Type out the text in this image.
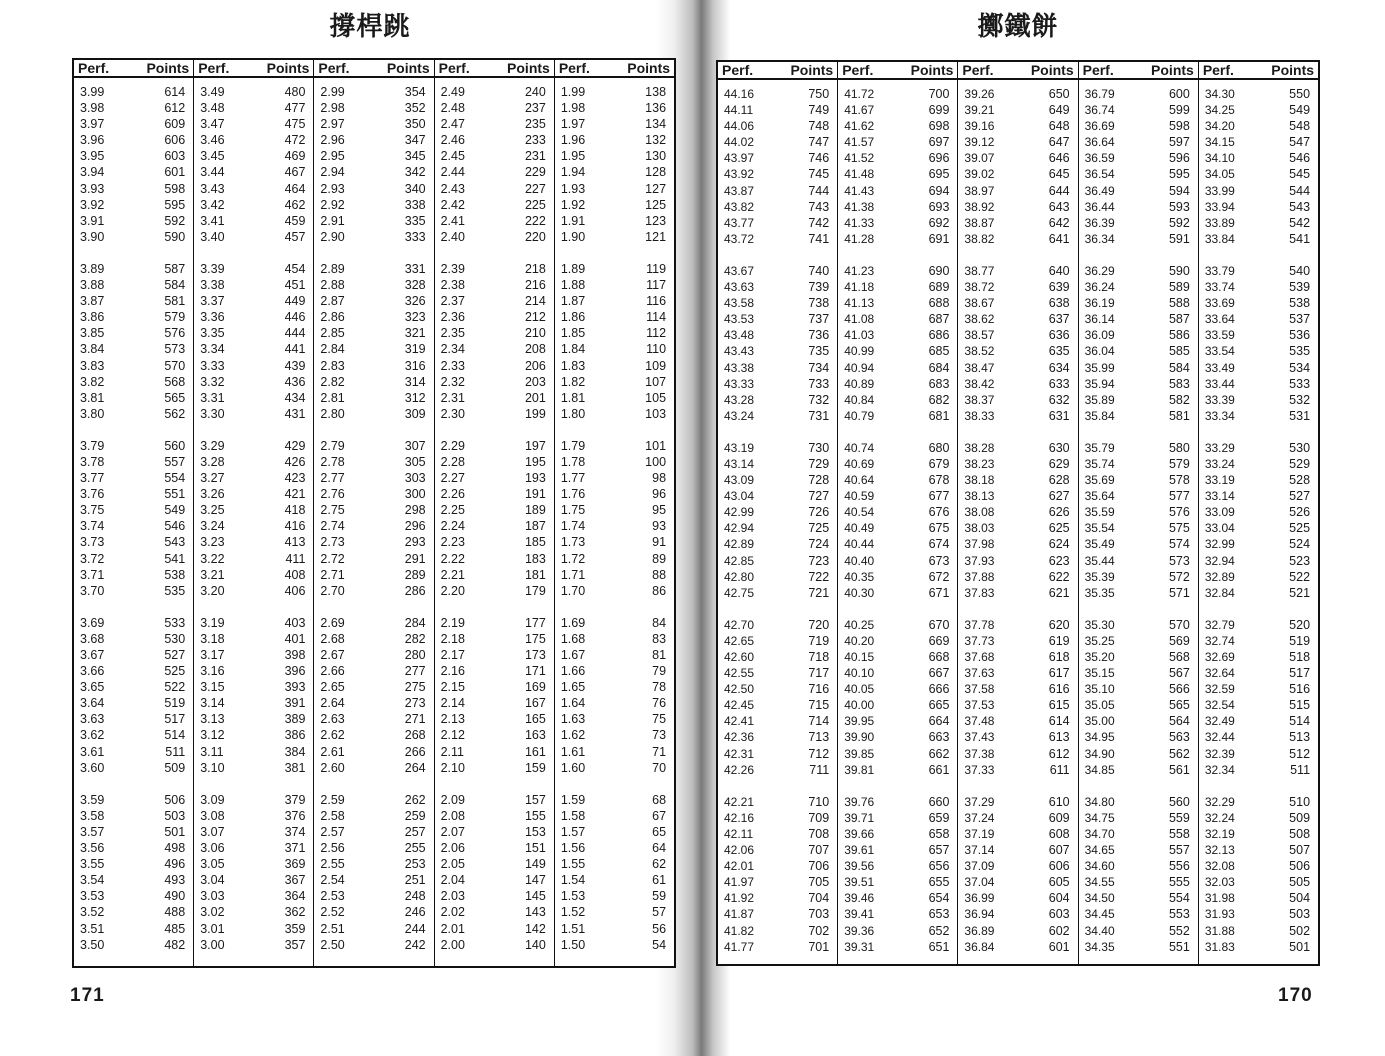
撐桿跳
Perf.	Points
3.99	614
3.98	612
3.97	609
3.96	606
3.95	603
3.94	601
3.93	598
3.92	595
3.91	592
3.90	590
3.89	587
3.88	584
3.87	581
3.86	579
3.85	576
3.84	573
3.83	570
3.82	568
3.81	565
3.80	562
3.79	560
3.78	557
3.77	554
3.76	551
3.75	549
3.74	546
3.73	543
3.72	541
3.71	538
3.70	535
3.69	533
3.68	530
3.67	527
3.66	525
3.65	522
3.64	519
3.63	517
3.62	514
3.61	511
3.60	509
3.59	506
3.58	503
3.57	501
3.56	498
3.55	496
3.54	493
3.53	490
3.52	488
3.51	485
3.50	482
Perf.	Points
3.49	480
3.48	477
3.47	475
3.46	472
3.45	469
3.44	467
3.43	464
3.42	462
3.41	459
3.40	457
3.39	454
3.38	451
3.37	449
3.36	446
3.35	444
3.34	441
3.33	439
3.32	436
3.31	434
3.30	431
3.29	429
3.28	426
3.27	423
3.26	421
3.25	418
3.24	416
3.23	413
3.22	411
3.21	408
3.20	406
3.19	403
3.18	401
3.17	398
3.16	396
3.15	393
3.14	391
3.13	389
3.12	386
3.11	384
3.10	381
3.09	379
3.08	376
3.07	374
3.06	371
3.05	369
3.04	367
3.03	364
3.02	362
3.01	359
3.00	357
Perf.	Points
2.99	354
2.98	352
2.97	350
2.96	347
2.95	345
2.94	342
2.93	340
2.92	338
2.91	335
2.90	333
2.89	331
2.88	328
2.87	326
2.86	323
2.85	321
2.84	319
2.83	316
2.82	314
2.81	312
2.80	309
2.79	307
2.78	305
2.77	303
2.76	300
2.75	298
2.74	296
2.73	293
2.72	291
2.71	289
2.70	286
2.69	284
2.68	282
2.67	280
2.66	277
2.65	275
2.64	273
2.63	271
2.62	268
2.61	266
2.60	264
2.59	262
2.58	259
2.57	257
2.56	255
2.55	253
2.54	251
2.53	248
2.52	246
2.51	244
2.50	242
Perf.	Points
2.49	240
2.48	237
2.47	235
2.46	233
2.45	231
2.44	229
2.43	227
2.42	225
2.41	222
2.40	220
2.39	218
2.38	216
2.37	214
2.36	212
2.35	210
2.34	208
2.33	206
2.32	203
2.31	201
2.30	199
2.29	197
2.28	195
2.27	193
2.26	191
2.25	189
2.24	187
2.23	185
2.22	183
2.21	181
2.20	179
2.19	177
2.18	175
2.17	173
2.16	171
2.15	169
2.14	167
2.13	165
2.12	163
2.11	161
2.10	159
2.09	157
2.08	155
2.07	153
2.06	151
2.05	149
2.04	147
2.03	145
2.02	143
2.01	142
2.00	140
Perf.	Points
1.99	138
1.98	136
1.97	134
1.96	132
1.95	130
1.94	128
1.93	127
1.92	125
1.91	123
1.90	121
1.89	119
1.88	117
1.87	116
1.86	114
1.85	112
1.84	110
1.83	109
1.82	107
1.81	105
1.80	103
1.79	101
1.78	100
1.77	98
1.76	96
1.75	95
1.74	93
1.73	91
1.72	89
1.71	88
1.70	86
1.69	84
1.68	83
1.67	81
1.66	79
1.65	78
1.64	76
1.63	75
1.62	73
1.61	71
1.60	70
1.59	68
1.58	67
1.57	65
1.56	64
1.55	62
1.54	61
1.53	59
1.52	57
1.51	56
1.50	54
171
擲鐵餅
Perf.	Points
44.16	750
44.11	749
44.06	748
44.02	747
43.97	746
43.92	745
43.87	744
43.82	743
43.77	742
43.72	741
43.67	740
43.63	739
43.58	738
43.53	737
43.48	736
43.43	735
43.38	734
43.33	733
43.28	732
43.24	731
43.19	730
43.14	729
43.09	728
43.04	727
42.99	726
42.94	725
42.89	724
42.85	723
42.80	722
42.75	721
42.70	720
42.65	719
42.60	718
42.55	717
42.50	716
42.45	715
42.41	714
42.36	713
42.31	712
42.26	711
42.21	710
42.16	709
42.11	708
42.06	707
42.01	706
41.97	705
41.92	704
41.87	703
41.82	702
41.77	701
Perf.	Points
41.72	700
41.67	699
41.62	698
41.57	697
41.52	696
41.48	695
41.43	694
41.38	693
41.33	692
41.28	691
41.23	690
41.18	689
41.13	688
41.08	687
41.03	686
40.99	685
40.94	684
40.89	683
40.84	682
40.79	681
40.74	680
40.69	679
40.64	678
40.59	677
40.54	676
40.49	675
40.44	674
40.40	673
40.35	672
40.30	671
40.25	670
40.20	669
40.15	668
40.10	667
40.05	666
40.00	665
39.95	664
39.90	663
39.85	662
39.81	661
39.76	660
39.71	659
39.66	658
39.61	657
39.56	656
39.51	655
39.46	654
39.41	653
39.36	652
39.31	651
Perf.	Points
39.26	650
39.21	649
39.16	648
39.12	647
39.07	646
39.02	645
38.97	644
38.92	643
38.87	642
38.82	641
38.77	640
38.72	639
38.67	638
38.62	637
38.57	636
38.52	635
38.47	634
38.42	633
38.37	632
38.33	631
38.28	630
38.23	629
38.18	628
38.13	627
38.08	626
38.03	625
37.98	624
37.93	623
37.88	622
37.83	621
37.78	620
37.73	619
37.68	618
37.63	617
37.58	616
37.53	615
37.48	614
37.43	613
37.38	612
37.33	611
37.29	610
37.24	609
37.19	608
37.14	607
37.09	606
37.04	605
36.99	604
36.94	603
36.89	602
36.84	601
Perf.	Points
36.79	600
36.74	599
36.69	598
36.64	597
36.59	596
36.54	595
36.49	594
36.44	593
36.39	592
36.34	591
36.29	590
36.24	589
36.19	588
36.14	587
36.09	586
36.04	585
35.99	584
35.94	583
35.89	582
35.84	581
35.79	580
35.74	579
35.69	578
35.64	577
35.59	576
35.54	575
35.49	574
35.44	573
35.39	572
35.35	571
35.30	570
35.25	569
35.20	568
35.15	567
35.10	566
35.05	565
35.00	564
34.95	563
34.90	562
34.85	561
34.80	560
34.75	559
34.70	558
34.65	557
34.60	556
34.55	555
34.50	554
34.45	553
34.40	552
34.35	551
Perf.	Points
34.30	550
34.25	549
34.20	548
34.15	547
34.10	546
34.05	545
33.99	544
33.94	543
33.89	542
33.84	541
33.79	540
33.74	539
33.69	538
33.64	537
33.59	536
33.54	535
33.49	534
33.44	533
33.39	532
33.34	531
33.29	530
33.24	529
33.19	528
33.14	527
33.09	526
33.04	525
32.99	524
32.94	523
32.89	522
32.84	521
32.79	520
32.74	519
32.69	518
32.64	517
32.59	516
32.54	515
32.49	514
32.44	513
32.39	512
32.34	511
32.29	510
32.24	509
32.19	508
32.13	507
32.08	506
32.03	505
31.98	504
31.93	503
31.88	502
31.83	501
170
